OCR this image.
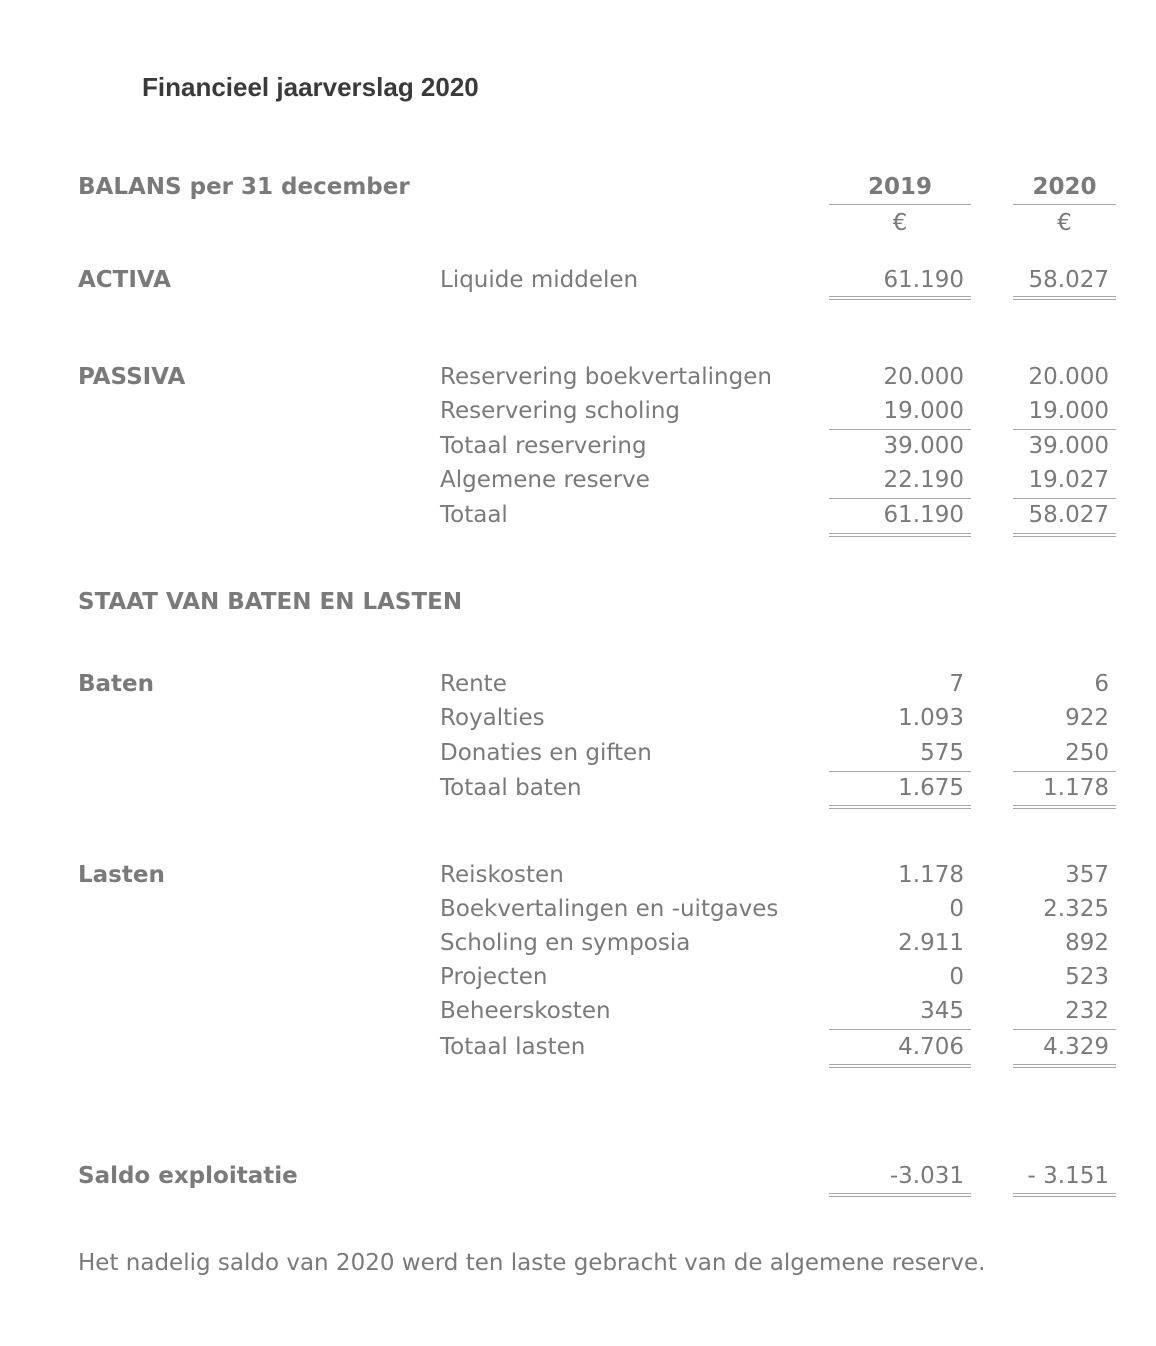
Financieel jaarverslag 2020
BALANS per 31 december	2019	2020
€	€
ACTIVA	Liquide middelen	61.190	58.027
PASSIVA	Reservering boekvertalingen	20.000	20.000
Reservering scholing	19.000	19.000
Totaal reservering	39.000	39.000
Algemene reserve	22.190	19.027
Totaal	61.190	58.027
STAAT VAN BATEN EN LASTEN
Baten	Rente	7	6
Royalties	1.093	922
Donaties en giften	575	250
Totaal baten	1.675	1.178
Lasten	Reiskosten	1.178	357
Boekvertalingen en -uitgaves	0	2.325
Scholing en symposia	2.911	892
Projecten	0	523
Beheerskosten	345	232
Totaal lasten	4.706	4.329
Saldo exploitatie	-3.031	- 3.151
Het nadelig saldo van 2020 werd ten laste gebracht van de algemene reserve.
